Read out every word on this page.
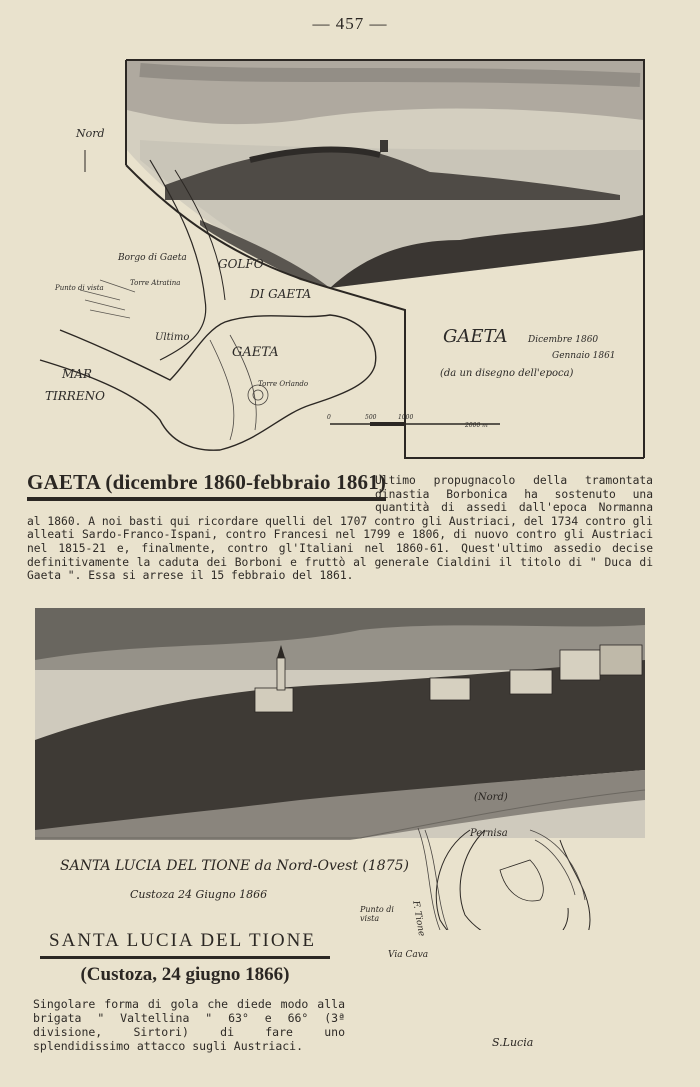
— 457 —
Nord
Borgo di Gaeta
Torre Atratina
Punto di vista
GOLFO
DI GAETA
Ultimo
GAETA
Torre Orlando
MAR
TIRRENO
GAETA Dicembre 1860
Gennaio 1861
(da un disegno dell'epoca)
0	500	1000
2000 m
Ultimo propugnacolo della tramontata dinastia Borbonica ha sostenuto una quantità di assedi dall'epoca Normanna al 1860. A noi basti qui ricordare quelli del 1707 contro gli Austriaci, del 1734 contro gli alleati Sardo-Franco-Ispani, contro Francesi nel 1799 e 1806, di nuovo contro gli Austriaci nel 1815-21 e, finalmente, contro gl'Italiani nel 1860-61. Quest'ultimo assedio decise definitivamente la caduta dei Borboni e fruttò al generale Cialdini il titolo di " Duca di Gaeta ". Essa si arrese il 15 febbraio del 1861.
GAETA (dicembre 1860-febbraio 1861)
SANTA LUCIA DEL TIONE da Nord-Ovest (1875)
Custoza 24 Giugno 1866
(Nord)
Pernisa
Punto di vista	F. Tione
Via Cava
S.Lucia
SANTA LUCIA DEL TIONE
(Custoza, 24 giugno 1866)
Singolare forma di gola che diede modo alla brigata " Valtellina " 63° e 66° (3ª divisione, Sirtori) di fare uno splendidissimo attacco sugli Austriaci.
